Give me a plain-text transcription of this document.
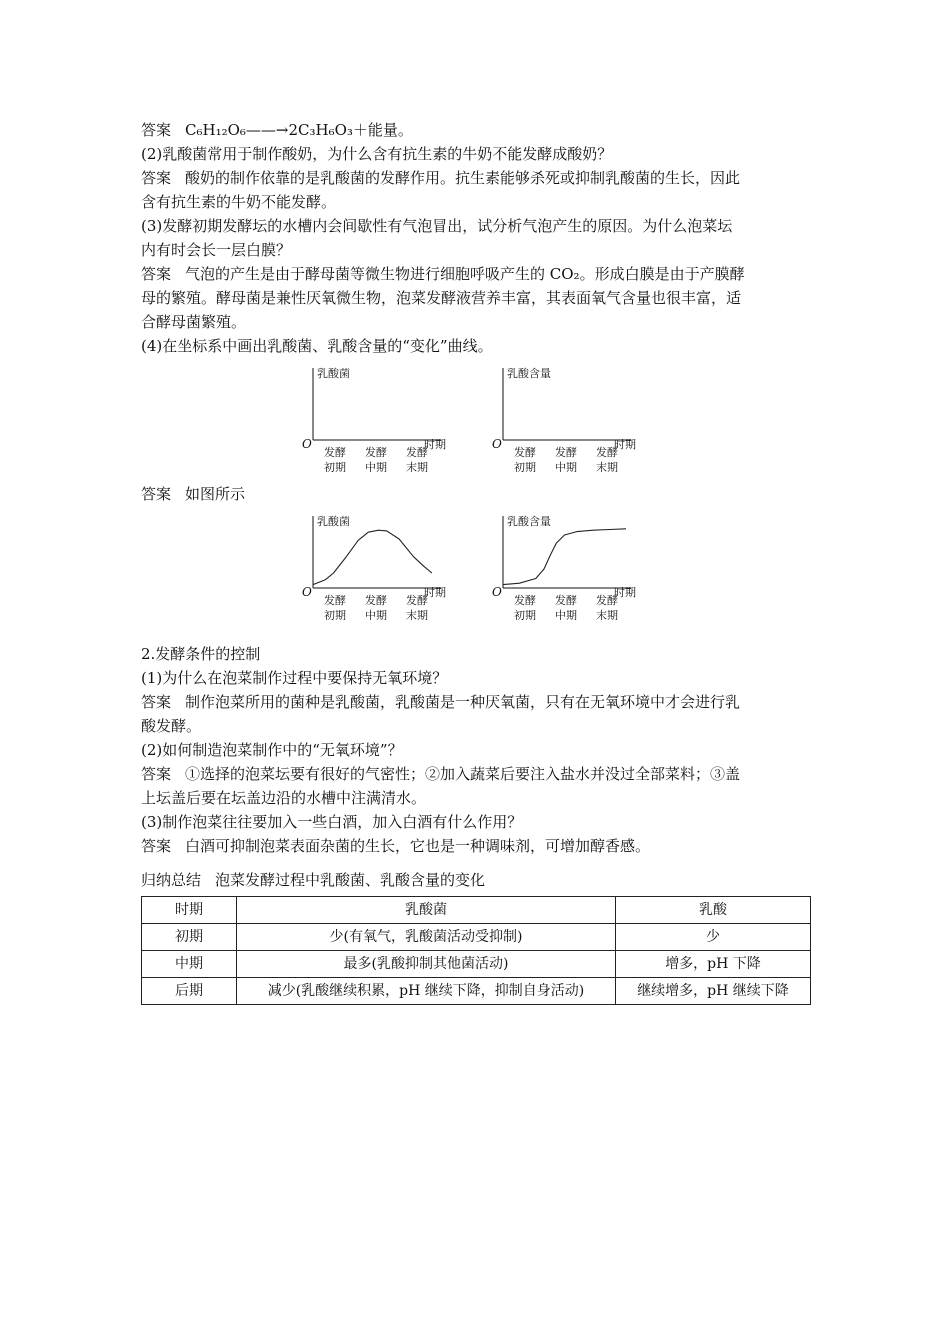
答案 C₆H₁₂O₆——→2C₃H₆O₃＋能量。

(2)乳酸菌常用于制作酸奶，为什么含有抗生素的牛奶不能发酵成酸奶？

答案 酸奶的制作依靠的是乳酸菌的发酵作用。抗生素能够杀死或抑制乳酸菌的生长，因此

含有抗生素的牛奶不能发酵。

(3)发酵初期发酵坛的水槽内会间歇性有气泡冒出，试分析气泡产生的原因。为什么泡菜坛

内有时会长一层白膜？

答案 气泡的产生是由于酵母菌等微生物进行细胞呼吸产生的 CO₂。形成白膜是由于产膜酵

母的繁殖。酵母菌是兼性厌氧微生物，泡菜发酵液营养丰富，其表面氧气含量也很丰富，适

合酵母菌繁殖。

(4)在坐标系中画出乳酸菌、乳酸含量的“变化”曲线。

乳酸菌
时期
O
发酵
初期
发酵
中期
发酵
末期
乳酸含量
时期
O
发酵
初期
发酵
中期
发酵
末期

答案 如图所示

乳酸菌
时期
O
发酵
初期
发酵
中期
发酵
末期
乳酸含量
时期
O
发酵
初期
发酵
中期
发酵
末期

2.发酵条件的控制

(1)为什么在泡菜制作过程中要保持无氧环境？

答案 制作泡菜所用的菌种是乳酸菌，乳酸菌是一种厌氧菌，只有在无氧环境中才会进行乳

酸发酵。

(2)如何制造泡菜制作中的“无氧环境”？

答案 ①选择的泡菜坛要有很好的气密性；②加入蔬菜后要注入盐水并没过全部菜料；③盖

上坛盖后要在坛盖边沿的水槽中注满清水。

(3)制作泡菜往往要加入一些白酒，加入白酒有什么作用？

答案 白酒可抑制泡菜表面杂菌的生长，它也是一种调味剂，可增加醇香感。

归纳总结 泡菜发酵过程中乳酸菌、乳酸含量的变化

时期	乳酸菌	乳酸
初期	少(有氧气，乳酸菌活动受抑制)	少
中期	最多(乳酸抑制其他菌活动)	增多，pH 下降
后期	减少(乳酸继续积累，pH 继续下降，抑制自身活动)	继续增多，pH 继续下降
